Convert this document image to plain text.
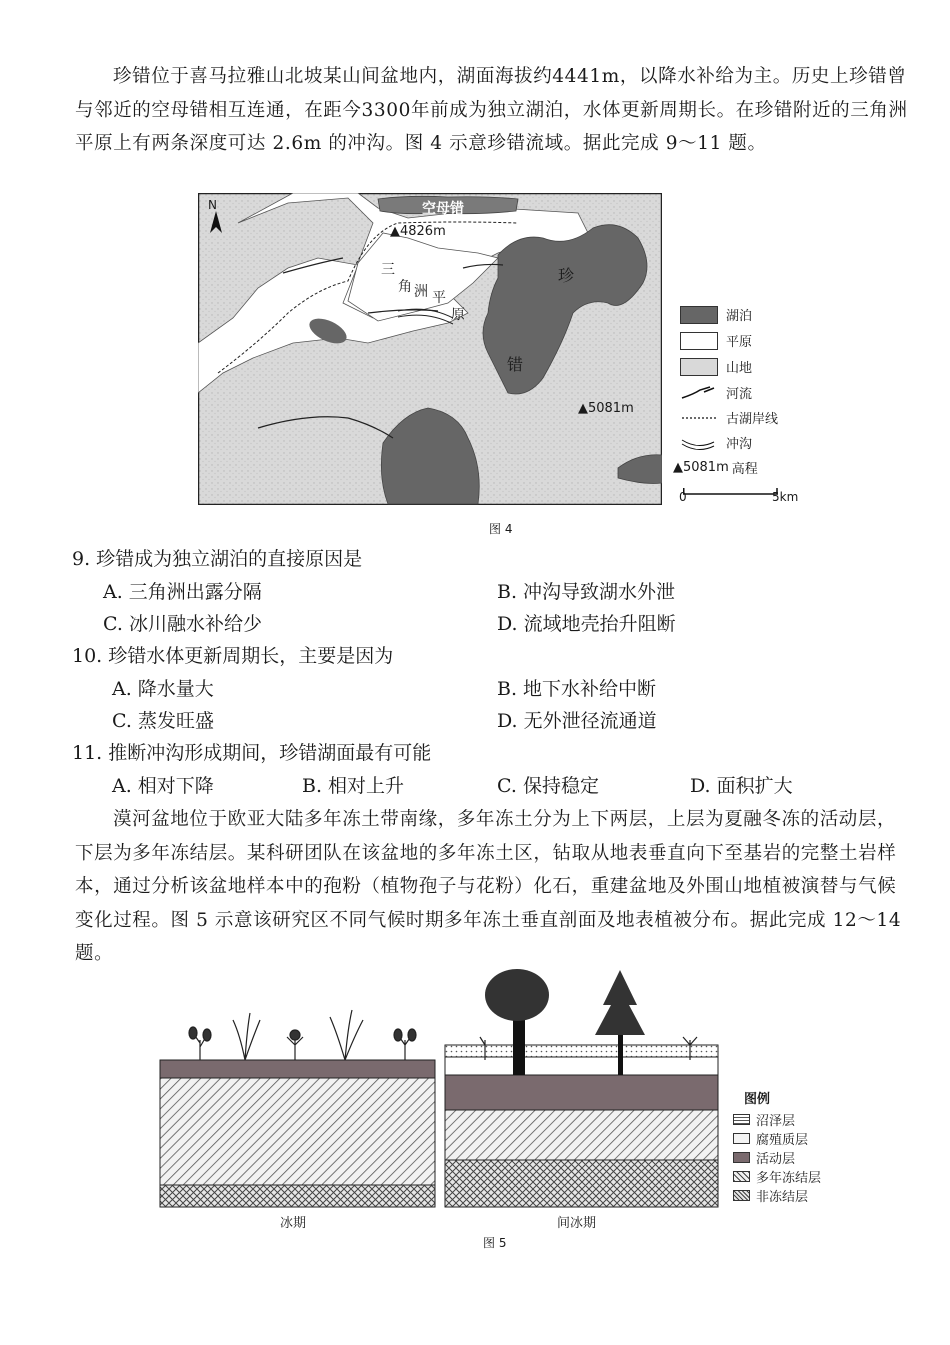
珍错位于喜马拉雅山北坡某山间盆地内，湖面海拔约4441m，以降水补给为主。历史上珍错曾与邻近的空母错相互连通，在距今3300年前成为独立湖泊，水体更新周期长。在珍错附近的三角洲平原上有两条深度可达 2.6m 的冲沟。图 4 示意珍错流域。据此完成 9～11 题。

N	空母错
▲4826m
▲5081m
珍
错
三
角 洲 平
原	湖泊
平原
山地
河流
古湖岸线
冲沟
▲5081m 高程
0	5km
图 4

9. 珍错成为独立湖泊的直接原因是

A. 三角洲出露分隔	B. 冲沟导致湖水外泄

C. 冰川融水补给少	D. 流域地壳抬升阻断

10. 珍错水体更新周期长，主要是因为

A. 降水量大	B. 地下水补给中断

C. 蒸发旺盛	D. 无外泄径流通道

11. 推断冲沟形成期间，珍错湖面最有可能

A. 相对下降	B. 相对上升	C. 保持稳定	D. 面积扩大

漠河盆地位于欧亚大陆多年冻土带南缘，多年冻土分为上下两层，上层为夏融冬冻的活动层，下层为多年冻结层。某科研团队在该盆地的多年冻土区，钻取从地表垂直向下至基岩的完整土岩样本，通过分析该盆地样本中的孢粉（植物孢子与花粉）化石，重建盆地及外围山地植被演替与气候变化过程。图 5 示意该研究区不同气候时期多年冻土垂直剖面及地表植被分布。据此完成 12～14 题。

冰期	间冰期
图 5
图例
沼泽层
腐殖质层
活动层
多年冻结层
非冻结层
